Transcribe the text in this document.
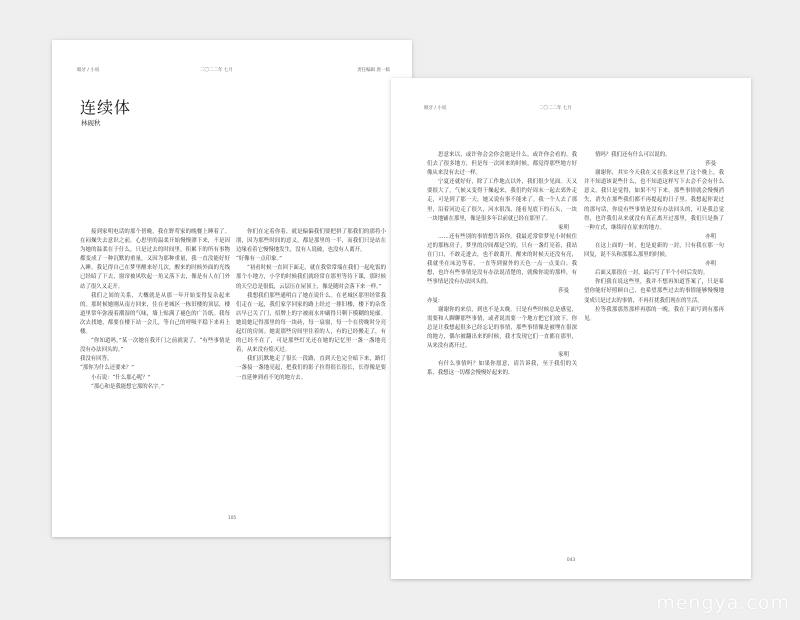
眠牙 / 小说	二〇二二年 七月	责任编辑 唐一嫣
连续体
林砚秋

接到家明电话的那个傍晚，我在野莺家的晚餐上睡着了。在闷燥失去意识之前，心思里的温柔开始慢慢漂下来，不是因为她的温柔在于什么，只是过去的时间里，积累下的所有事物都变成了一种沉默的重量，又因为那种重量，我一直没能好好入睡。我记得自己在梦里醒来好几次，醒来的时候外面的光线已经暗了下去，窗帘被风吹起一角又落下去，像是有人在门外站了很久又走开。

我们之间的关系，大概就是从那一年开始变得复杂起来的。那时候她刚从南方回来，住在老城区一栋旧楼的顶层，楼道里常年弥漫着潮湿的气味，墙上贴满了褪色的广告纸。我每次去找她，都要在楼下站一会儿，等自己的呼吸平稳下来再上楼。

“你知道吗，”某一次她在我开门之前就说了，“有些事情是没有办法回头的。”

我没有回答。

“那你为什么还要来？”

小石说：“什么那心呢？”

“那心和是我能想它那的名字。”

你们在定着你着，就是偏偏我们要把拼了那我们的那将小朋，因为那些时间的意义，都是那里的一半，而我们只是站在边缘看着它慢慢地发生，没有人说破，也没有人离开。

“好像有一点印象。”

“初看时候一直回下面走，就在我常常端在我们一起吃饭的那个小地方，小学的时候我们就经常在那里等待下课，那时候的天空总是很低，云层压在屋顶上，像是随时会落下来一样。”

我想我们那些通明白了她在说什么。在老城区那里经常我们走在一起，我们家学回家的路上经过一排旧楼，楼下的杂货店早已关了门，招牌上的字被雨水冲刷得只剩下模糊的轮廓。她说她记得那里的每一块砖，每一扇窗，每一个在傍晚时分亮起灯的房间。她说那些房间里住着的人，有的已经搬走了，有的已经不在了，可是那些灯光还在她的记忆里一盏一盏地亮着，从来没有熄灭过。

我们沉默地走了很长一段路，直到天色完全暗下来，路灯一盏接一盏地亮起，把我们的影子拉得很长很长，长得像是要一直延伸到看不见的地方去。

105
眠牙 / 小说	二〇二二年 七月

思意来以，或许你会会你会能是什么，或许你会看的。我们去了很多地方，但是每一次回来的时候，都觉得那些地方好像从来没有去过一样。

宁夏还就好好，除了工作地点以外，我们很少见面。天又要很大了，气候又变得干燥起来，我们约好周末一起去郊外走走，可是到了那一天，她又说有事不能来了。我一个人去了那里，沿着河边走了很久，河水很浅，能看见底下的石头，一块一块地铺在那里，像是很多年以前就已经在那里了。

家明

……还有些别的事情想告诉你。我最近常常梦见小时候住过的那栋房子，梦里的房间都是空的，只有一盏灯亮着，我站在门口，不敢走进去，也不敢离开。醒来的时候天还没有亮，我就坐在床边等着，一直等到窗外的天色一点一点变白。我想，也许有些事情是没有办法说清楚的，就像你说的那样，有些事情是没有办法回头的。

莎曼

亦曼：

谢谢你的来信，到也不是太晚。只是有些时候总是感觉，需要和人聊聊那些事情，或者说需要一个地方把它们放下。你总是让我想起很多已经忘记的事情，那些事情像是被埋在很深的地方，偶尔被翻出来的时候，我才发现它们一直都在那里，从来没有离开过。

家明

有什么事情吗？如果你愿意，请告诉我，至于我们的关系，我想这一切都会慢慢好起来的。

情吗？我们还有什么可以说的。

莎曼

谢谢你，其实今天我在又在我来这里了这个晚上，我并不知道该说些什么，也不知道这样写下去会不会有什么意义。我只是觉得，如果不写下来，那些事情就会慢慢消失，消失在那些我们都不再提起的日子里。我想起你说过的那句话，你说有些事情是没有办法回头的，可是我总觉得，也许我们从来就没有真正离开过那里，我们只是换了一种方式，继续待在原来的地方。

亦明

在这上面的一时，也是更新的一封，只有我在那一句回复，说不头和那那么那里的时候。

亦明

后面又那很在一封，最后写了半个小时后发的。

你们我在说这些里，我并不想再知道答案了，只是希望你能好好照顾自己，也希望那些过去的事情能够慢慢地变成只是过去的事情，不再打扰我们现在的生活。

拉等我那那然那样再那的一晚，我在下面写到有那再见。

043
mengya.com
